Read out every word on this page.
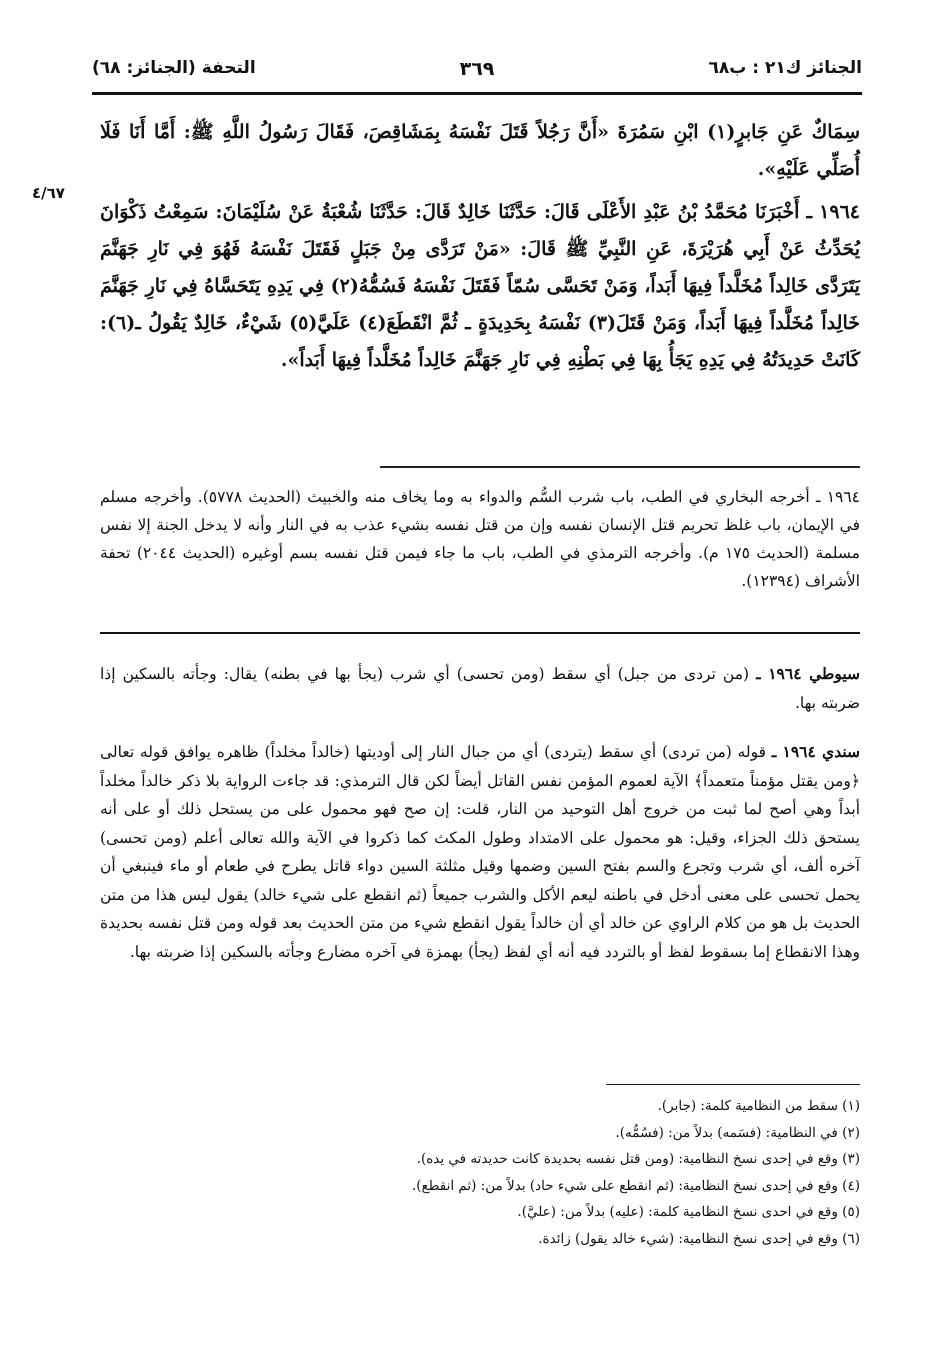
الجنائز ك٢١ : ب٦٨
٣٦٩
التحفة (الجنائز: ٦٨)
٤/٦٧

سِمَاكٌ عَنِ جَابرٍ(١) ابْنِ سَمُرَةَ «أَنَّ رَجُلاً قَتَلَ نَفْسَهُ بِمَشَاقِصَ، فَقَالَ رَسُولُ اللَّهِ ﷺ: أَمَّا أَنَا فَلَا أُصَلِّي عَلَيْهِ».

١٩٦٤ ـ أَخْبَرَنَا مُحَمَّدُ بْنُ عَبْدِ الأَعْلَى قَالَ: حَدَّثَنَا خَالِدٌ قَالَ: حَدَّثَنَا شُعْبَةُ عَنْ سُلَيْمَانَ: سَمِعْتُ ذَكْوَانَ يُحَدِّثُ عَنْ أَبِي هُرَيْرَةَ، عَنِ النَّبِيِّ ﷺ قَالَ: «مَنْ تَرَدَّى مِنْ جَبَلٍ فَقَتَلَ نَفْسَهُ فَهُوَ فِي نَارِ جَهَنَّمَ يَتَرَدَّى خَالِداً مُخَلَّداً فِيهَا أَبَداً، وَمَنْ تَحَسَّى سُمّاً فَقَتَلَ نَفْسَهُ فَسُمُّهُ(٢) فِي يَدِهِ يَتَحَسَّاهُ فِي نَارِ جَهَنَّمَ خَالِداً مُخَلَّداً فِيهَا أَبَداً، وَمَنْ قَتَلَ(٣) نَفْسَهُ بِحَدِيدَةٍ ـ ثُمَّ انْقَطَعَ(٤) عَلَيَّ(٥) شَيْءٌ، خَالِدٌ يَقُولُ ـ(٦): كَانَتْ حَدِيدَتُهُ فِي يَدِهِ يَجَأُ بِهَا فِي بَطْنِهِ فِي نَارِ جَهَنَّمَ خَالِداً مُخَلَّداً فِيهَا أَبَداً».

١٩٦٤ ـ أخرجه البخاري في الطب، باب شرب السُّم والدواء به وما يخاف منه والخبيث (الحديث ٥٧٧٨). وأخرجه مسلم في الإيمان، باب غلظ تحريم قتل الإنسان نفسه وإن من قتل نفسه بشيء عذب به في النار وأنه لا يدخل الجنة إلا نفس مسلمة (الحديث ١٧٥ م). وأخرجه الترمذي في الطب، باب ما جاء فيمن قتل نفسه بسم أوغيره (الحديث ٢٠٤٤) تحفة الأشراف (١٢٣٩٤).
سيوطي ١٩٦٤ ـ (من تردى من جبل) أي سقط (ومن تحسى) أي شرب (يجأ بها في بطنه) يقال: وجأته بالسكين إذا ضربته بها.
سندي ١٩٦٤ ـ قوله (من تردى) أي سقط (يتردى) أي من جبال النار إلى أوديتها (خالداً مخلداً) ظاهره يوافق قوله تعالى ﴿ومن يقتل مؤمناً متعمداً﴾ الآية لعموم المؤمن نفس القاتل أيضاً لكن قال الترمذي: قد جاءت الرواية بلا ذكر خالداً مخلداً أبداً وهي أصح لما ثبت من خروج أهل التوحيد من النار، قلت: إن صح فهو محمول على من يستحل ذلك أو على أنه يستحق ذلك الجزاء، وقيل: هو محمول على الامتداد وطول المكث كما ذكروا في الآية والله تعالى أعلم (ومن تحسى) آخره ألف، أي شرب وتجرع والسم بفتح السين وضمها وقيل مثلثة السين دواء قاتل يطرح في طعام أو ماء فينبغي أن يحمل تحسى على معنى أدخل في باطنه ليعم الأكل والشرب جميعاً (ثم انقطع على شيء خالد) يقول ليس هذا من متن الحديث بل هو من كلام الراوي عن خالد أي أن خالداً يقول انقطع شيء من متن الحديث بعد قوله ومن قتل نفسه بحديدة وهذا الانقطاع إما بسقوط لفظ أو بالتردد فيه أنه أي لفظ (يجأ) بهمزة في آخره مضارع وجأته بالسكين إذا ضربته بها.
(١) سقط من النظامية كلمة: (جابر).
(٢) في النظامية: (فسَمه) بدلاً من: (فسُمُّه).
(٣) وقع في إحدى نسخ النظامية: (ومن قتل نفسه بحديدة كانت حديدته في يده).
(٤) وقع في إحدى نسخ النظامية: (ثم انقطع على شيء حاد) بدلاً من: (ثم انقطع).
(٥) وقع في احدى نسخ النظامية كلمة: (عليه) بدلاً من: (عليَّ).
(٦) وقع في إحدى نسخ النظامية: (شيء خالد يقول) زائدة.
